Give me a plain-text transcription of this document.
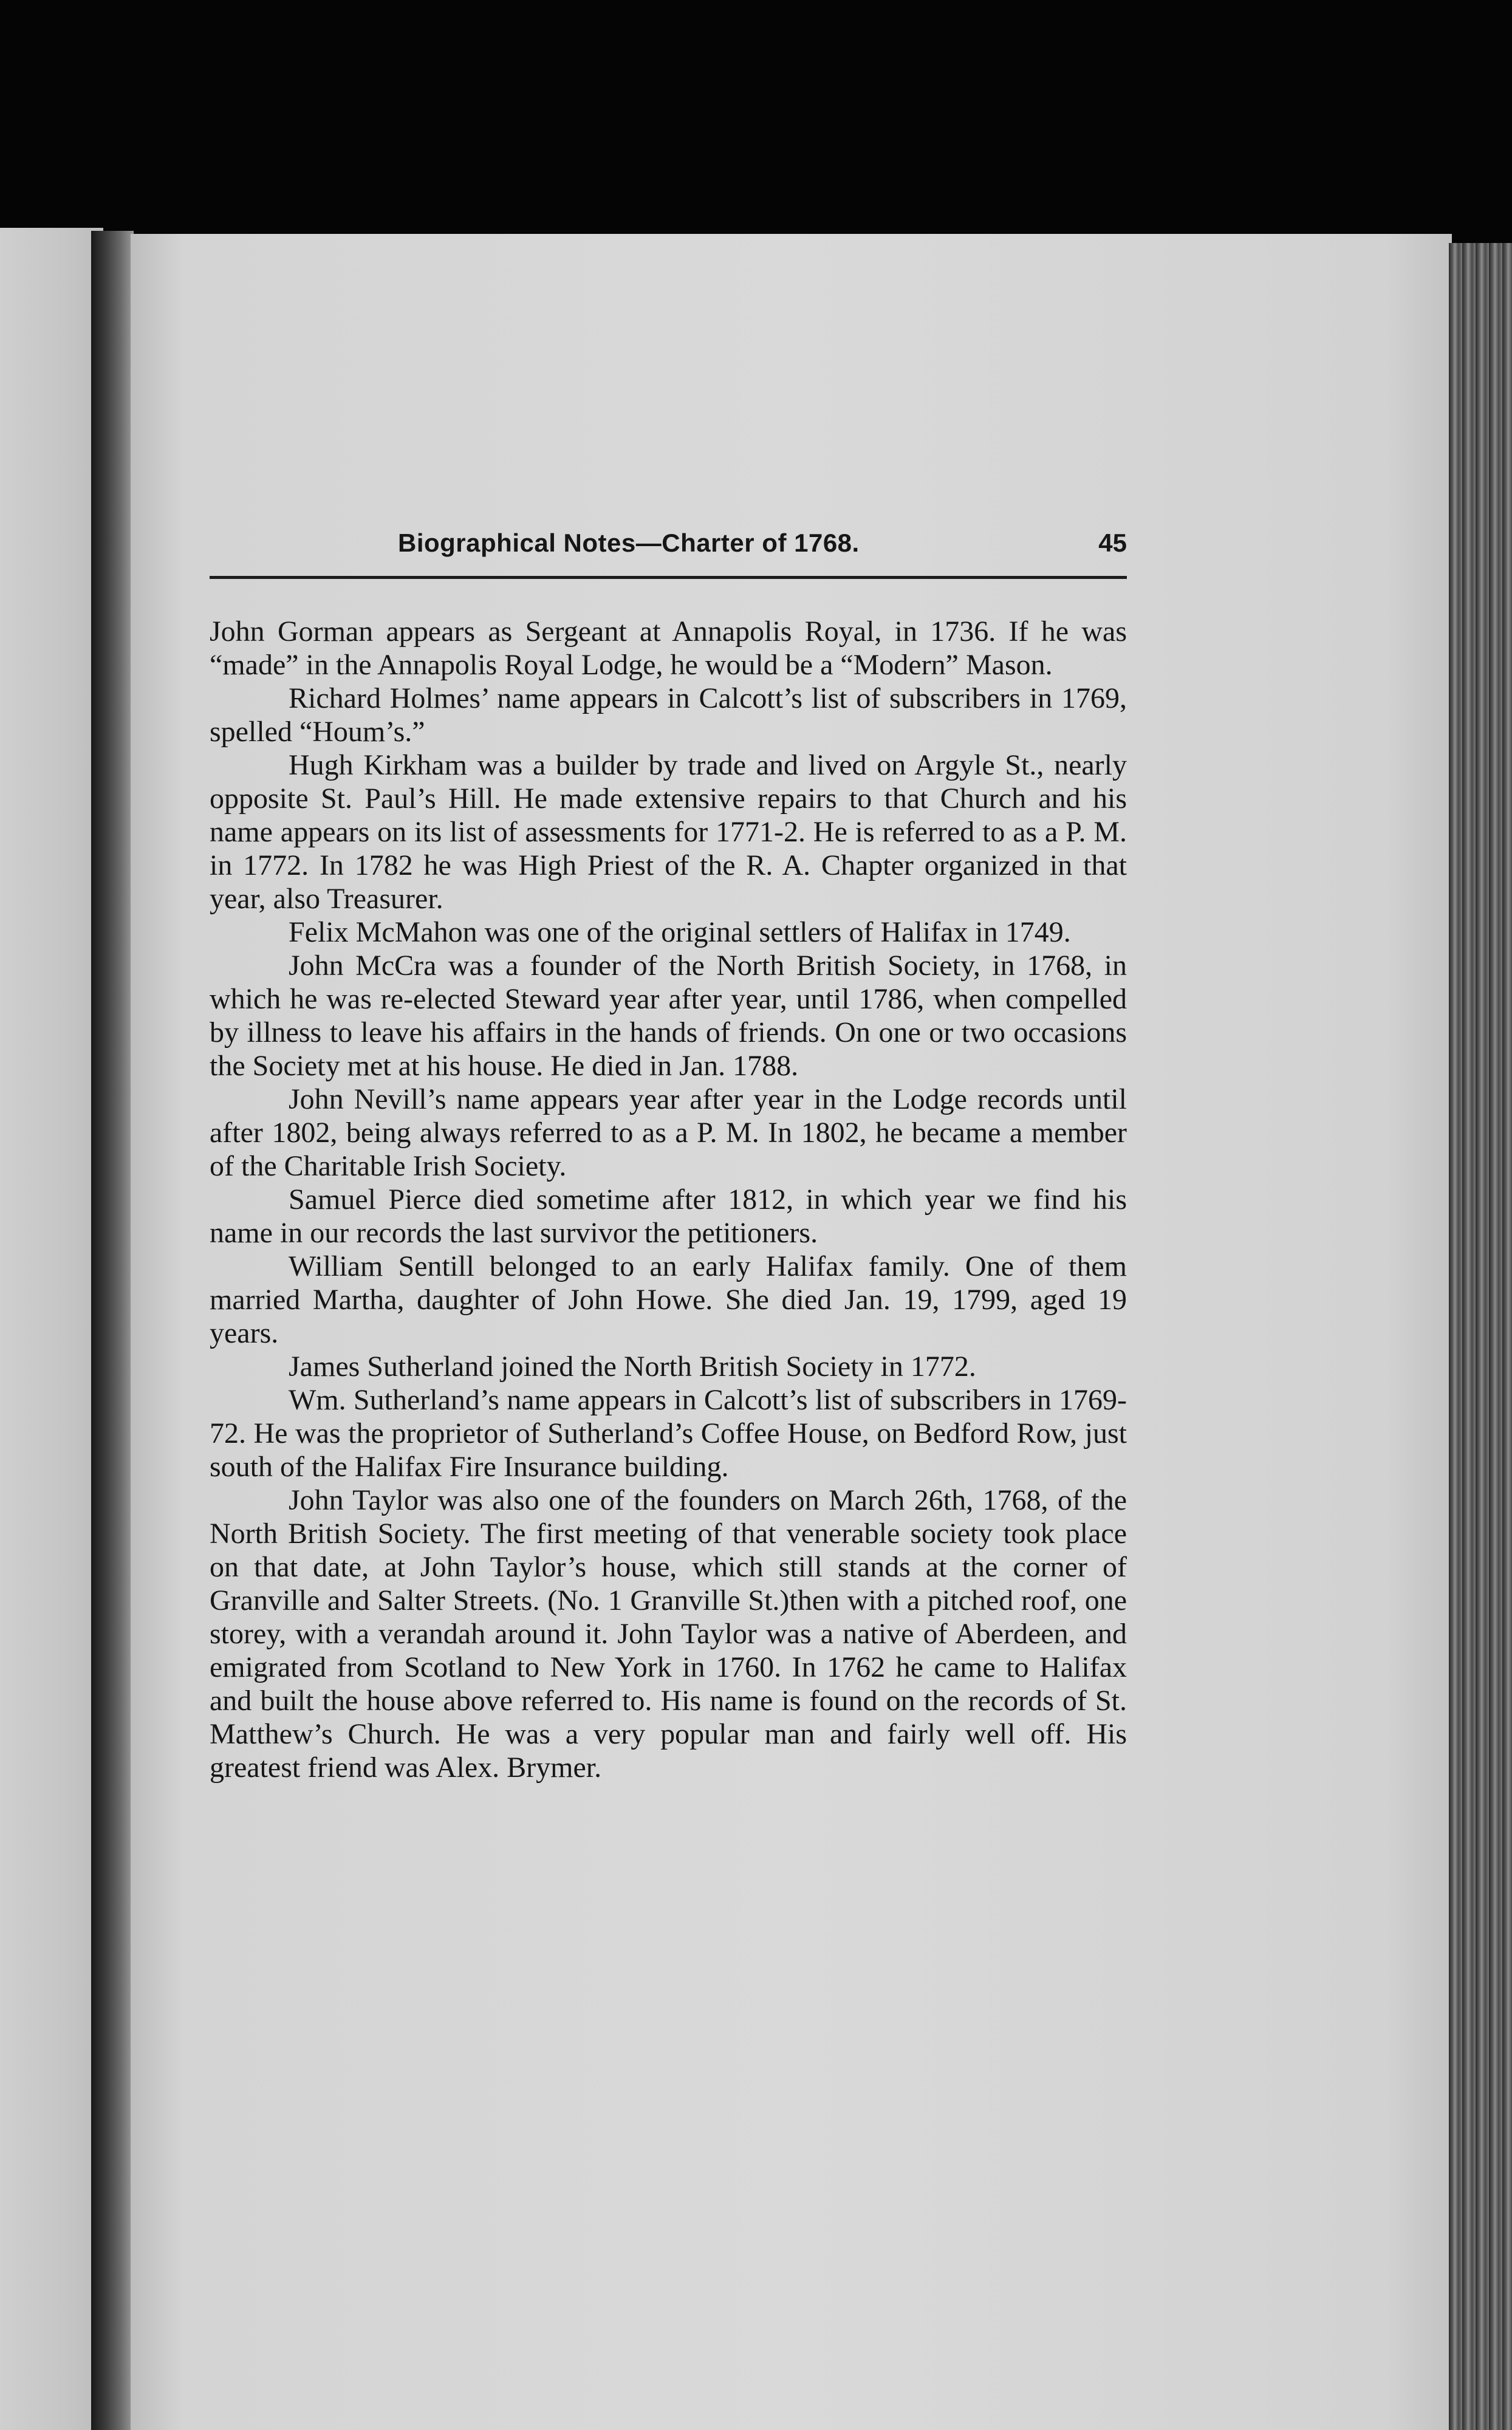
Biographical Notes—Charter of 1768.	45

John Gorman appears as Sergeant at Annapolis Royal, in 1736. If he was “made” in the Annapolis Royal Lodge, he would be a “Modern” Mason.

Richard Holmes’ name appears in Calcott’s list of subscribers in 1769, spelled “Houm’s.”

Hugh Kirkham was a builder by trade and lived on Argyle St., nearly opposite St. Paul’s Hill. He made extensive repairs to that Church and his name appears on its list of assessments for 1771-2. He is referred to as a P. M. in 1772. In 1782 he was High Priest of the R. A. Chapter organized in that year, also Treasurer.

Felix McMahon was one of the original settlers of Halifax in 1749.

John McCra was a founder of the North British Society, in 1768, in which he was re-elected Steward year after year, until 1786, when compelled by illness to leave his affairs in the hands of friends. On one or two occasions the Society met at his house. He died in Jan. 1788.

John Nevill’s name appears year after year in the Lodge records until after 1802, being always referred to as a P. M. In 1802, he became a member of the Charitable Irish Society.

Samuel Pierce died sometime after 1812, in which year we find his name in our records the last survivor the petitioners.

William Sentill belonged to an early Halifax family. One of them married Martha, daughter of John Howe. She died Jan. 19, 1799, aged 19 years.

James Sutherland joined the North British Society in 1772.

Wm. Sutherland’s name appears in Calcott’s list of subscribers in 1769-72. He was the proprietor of Sutherland’s Coffee House, on Bedford Row, just south of the Halifax Fire Insurance building.

John Taylor was also one of the founders on March 26th, 1768, of the North British Society. The first meeting of that venerable society took place on that date, at John Taylor’s house, which still stands at the corner of Granville and Salter Streets. (No. 1 Granville St.)then with a pitched roof, one storey, with a verandah around it. John Taylor was a native of Aberdeen, and emigrated from Scotland to New York in 1760. In 1762 he came to Halifax and built the house above referred to. His name is found on the records of St. Matthew’s Church. He was a very popular man and fairly well off. His greatest friend was Alex. Brymer.
